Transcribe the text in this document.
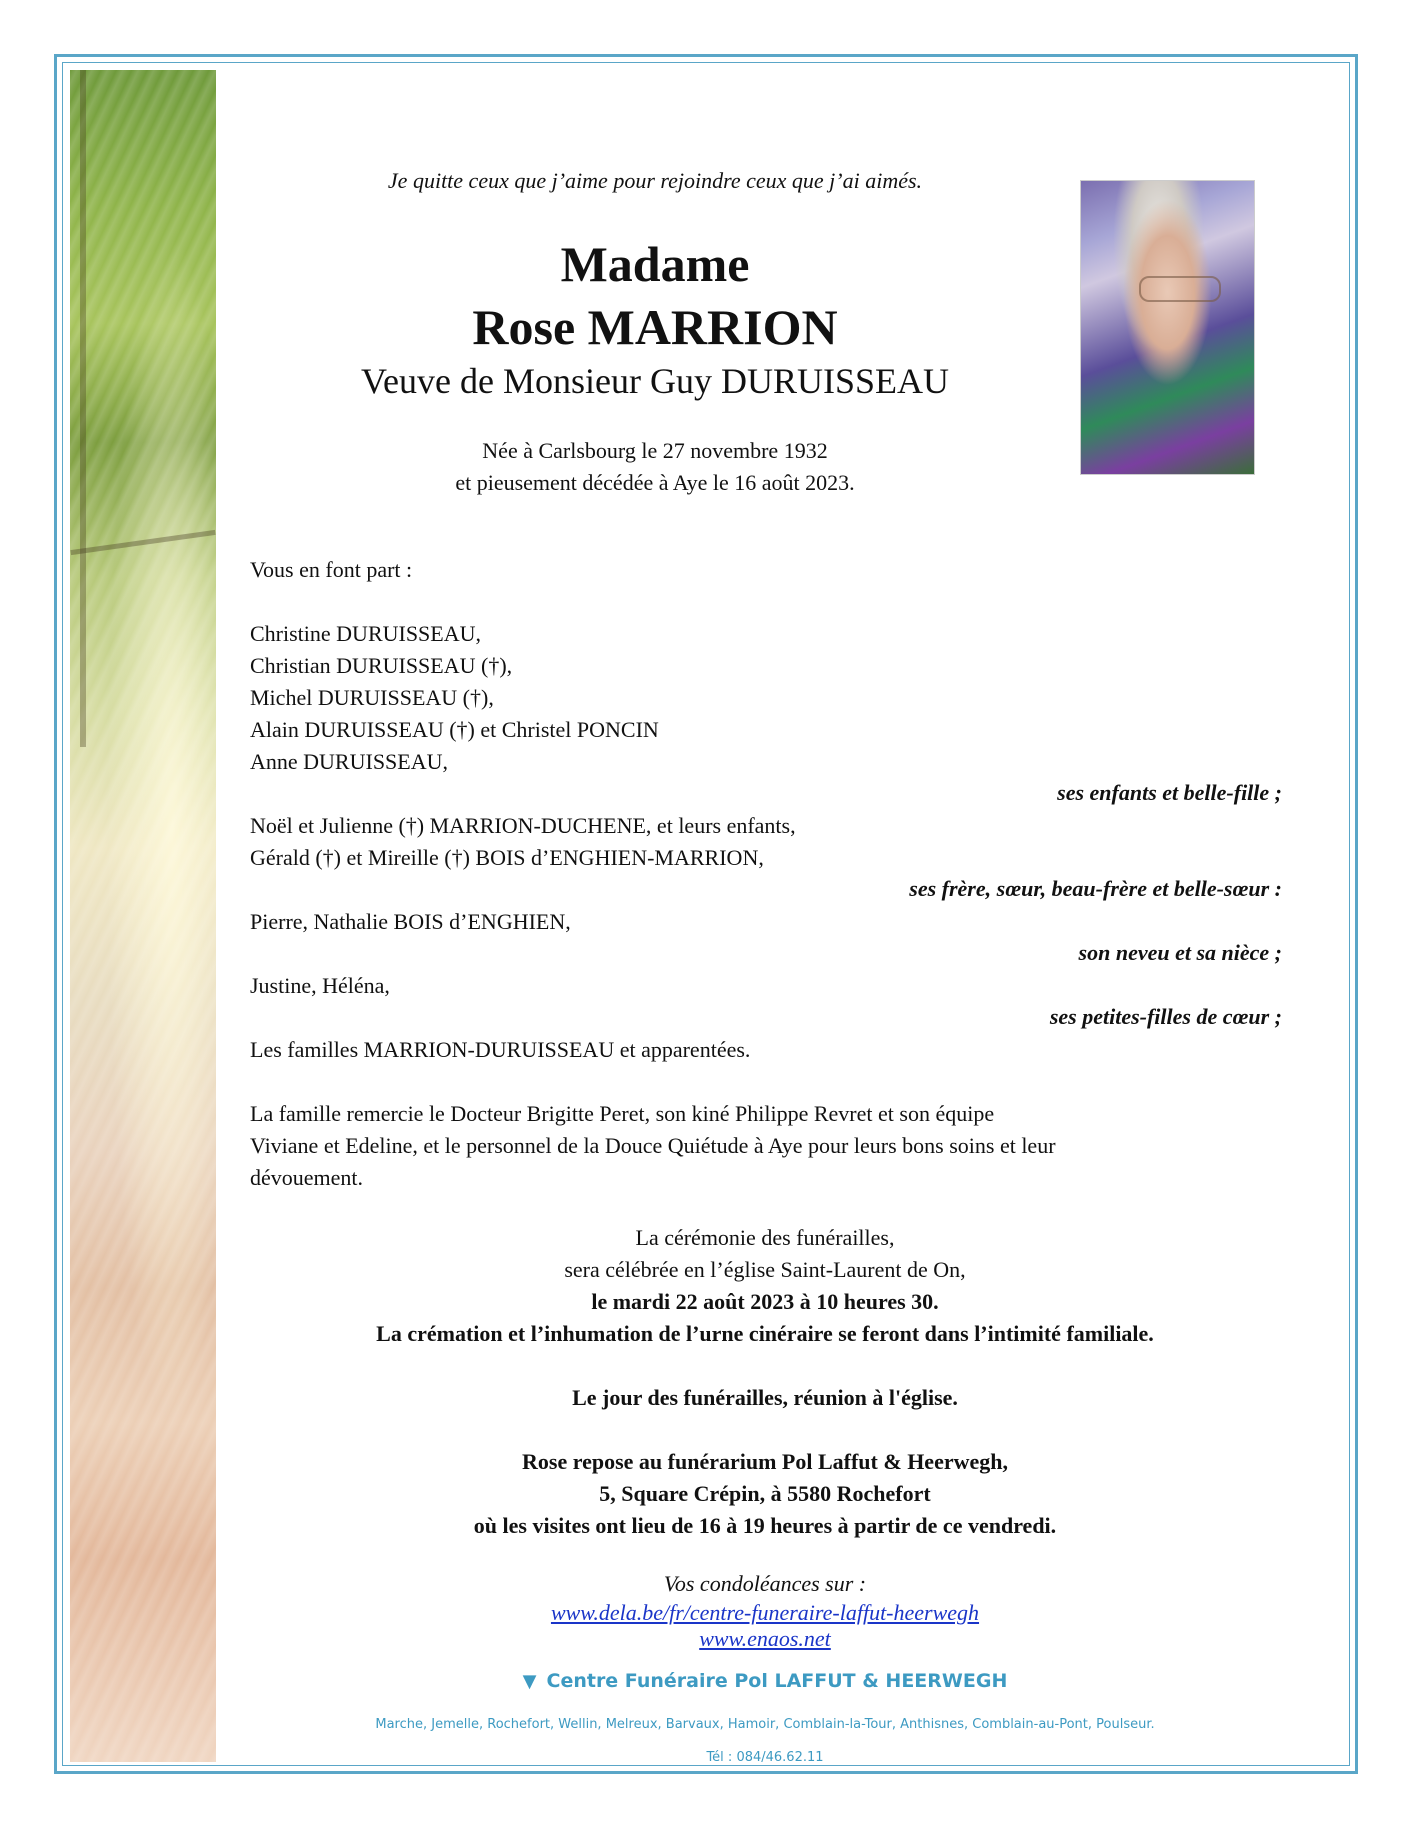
Je quitte ceux que j’aime pour rejoindre ceux que j’ai aimés.
Madame
Rose MARRION
Veuve de Monsieur Guy DURUISSEAU
Née à Carlsbourg le 27 novembre 1932
et pieusement décédée à Aye le 16 août 2023.
Vous en font part :
Christine DURUISSEAU,
Christian DURUISSEAU (†),
Michel DURUISSEAU (†),
Alain DURUISSEAU (†) et Christel PONCIN
Anne DURUISSEAU,
ses enfants et belle-fille ;
Noël et Julienne (†) MARRION-DUCHENE, et leurs enfants,
Gérald (†) et Mireille (†) BOIS d’ENGHIEN-MARRION,
ses frère, sœur, beau-frère et belle-sœur :
Pierre, Nathalie BOIS d’ENGHIEN,
son neveu et sa nièce ;
Justine, Héléna,
ses petites-filles de cœur ;
Les familles MARRION-DURUISSEAU et apparentées.
La famille remercie le Docteur Brigitte Peret, son kiné Philippe Revret et son équipe
Viviane et Edeline, et le personnel de la Douce Quiétude à Aye pour leurs bons soins et leur
dévouement.
La cérémonie des funérailles,
sera célébrée en l’église Saint-Laurent de On,
le mardi 22 août 2023 à 10 heures 30.
La crémation et l’inhumation de l’urne cinéraire se feront dans l’intimité familiale.
Le jour des funérailles, réunion à l'église.
Rose repose au funérarium Pol Laffut & Heerwegh,
5, Square Crépin, à 5580 Rochefort
où les visites ont lieu de 16 à 19 heures à partir de ce vendredi.
Vos condoléances sur :
www.dela.be/fr/centre-funeraire-laffut-heerwegh
www.enaos.net
▼ Centre Funéraire Pol LAFFUT & HEERWEGH
Marche, Jemelle, Rochefort, Wellin, Melreux, Barvaux, Hamoir, Comblain-la-Tour, Anthisnes, Comblain-au-Pont, Poulseur.
Tél : 084/46.62.11
